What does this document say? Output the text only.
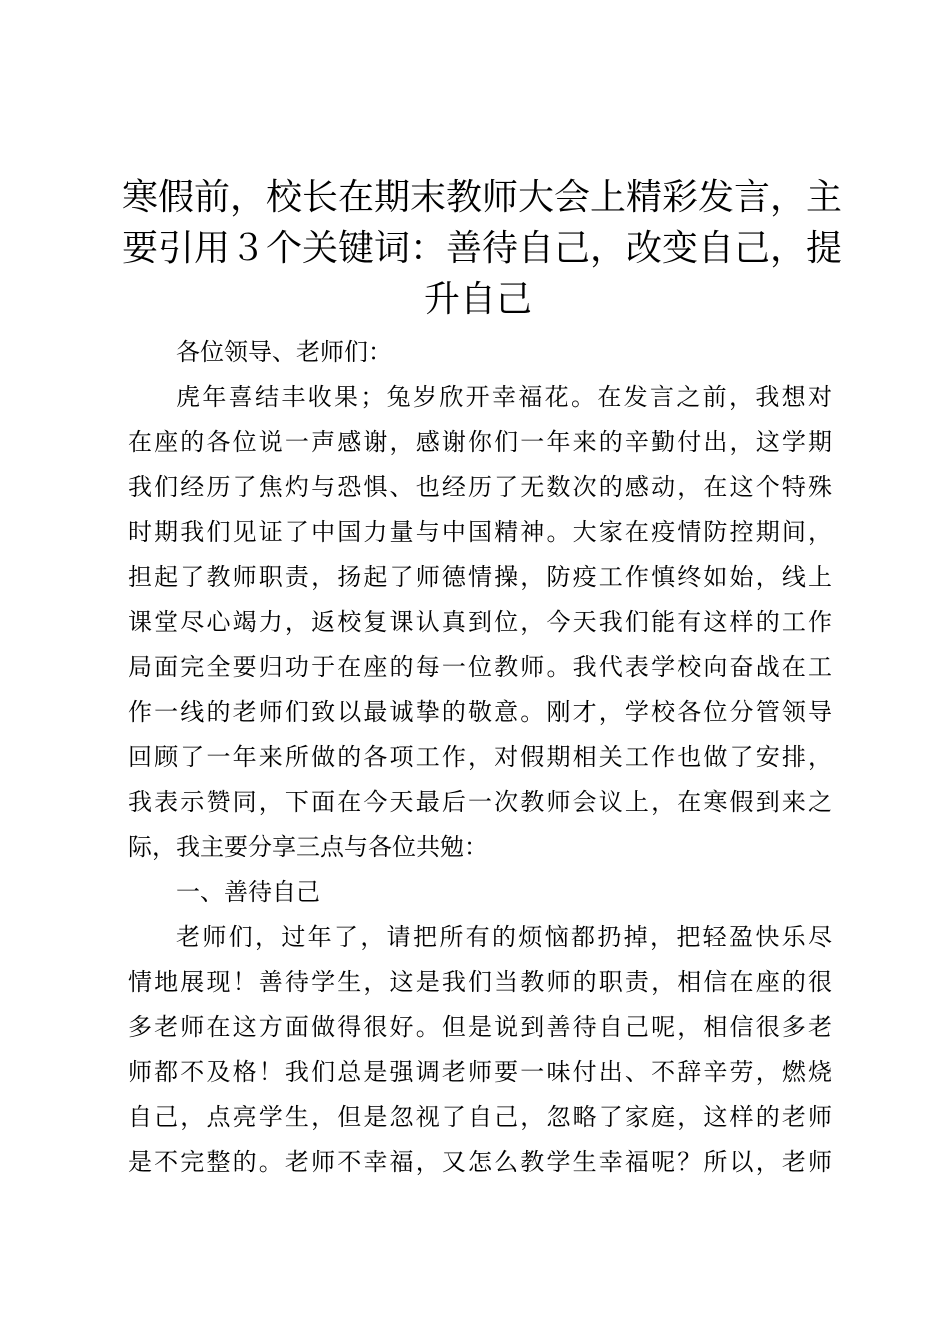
寒假前，校长在期末教师大会上精彩发言，主
要引用３个关键词：善待自己，改变自己，提
升自己

各位领导、老师们：

虎年喜结丰收果；兔岁欣开幸福花。在发言之前，我想对
在座的各位说一声感谢，感谢你们一年来的辛勤付出，这学期
我们经历了焦灼与恐惧、也经历了无数次的感动，在这个特殊
时期我们见证了中国力量与中国精神。大家在疫情防控期间，
担起了教师职责，扬起了师德情操，防疫工作慎终如始，线上
课堂尽心竭力，返校复课认真到位，今天我们能有这样的工作
局面完全要归功于在座的每一位教师。我代表学校向奋战在工
作一线的老师们致以最诚挚的敬意。刚才，学校各位分管领导
回顾了一年来所做的各项工作，对假期相关工作也做了安排，
我表示赞同，下面在今天最后一次教师会议上，在寒假到来之
际，我主要分享三点与各位共勉：
一、善待自己
老师们，过年了，请把所有的烦恼都扔掉，把轻盈快乐尽
情地展现！善待学生，这是我们当教师的职责，相信在座的很
多老师在这方面做得很好。但是说到善待自己呢，相信很多老
师都不及格！我们总是强调老师要一味付出、不辞辛劳，燃烧
自己，点亮学生，但是忽视了自己，忽略了家庭，这样的老师
是不完整的。老师不幸福，又怎么教学生幸福呢？所以，老师
